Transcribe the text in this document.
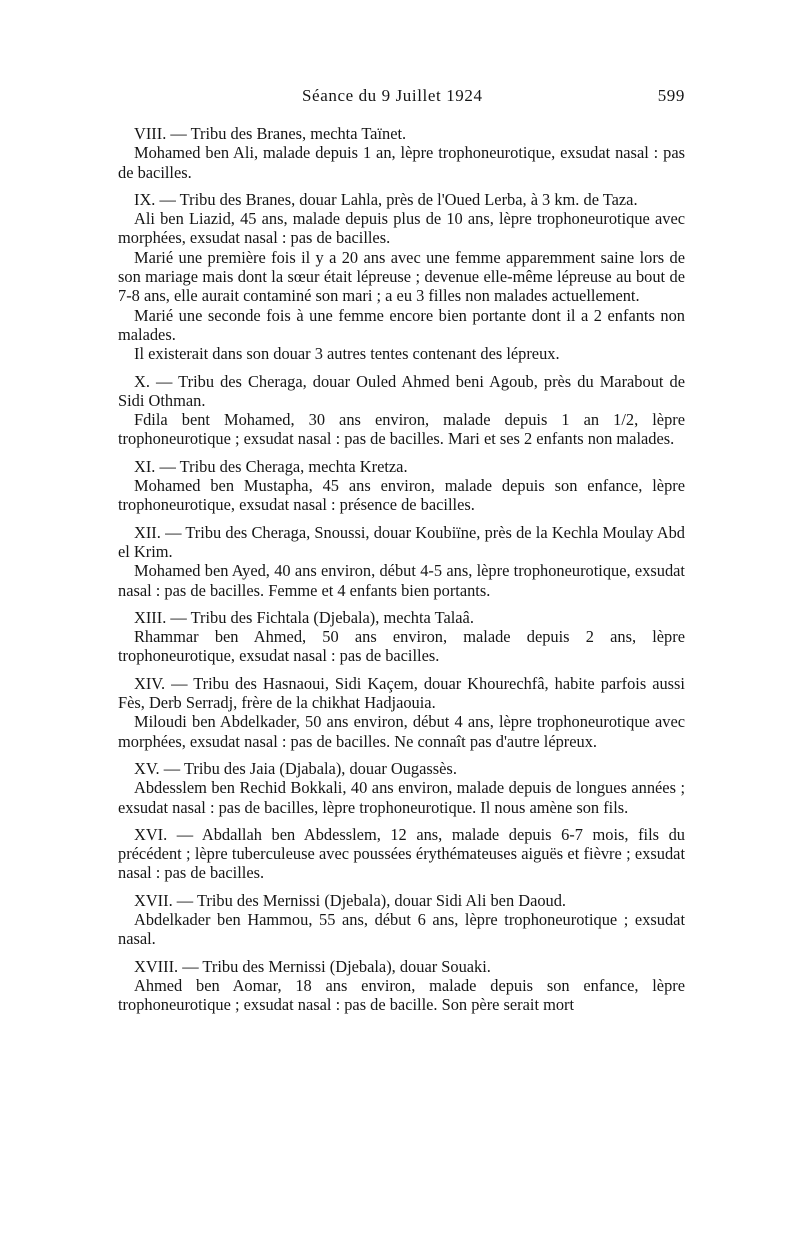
Séance du 9 Juillet 1924	599

VIII. — Tribu des Branes, mechta Taïnet.

Mohamed ben Ali, malade depuis 1 an, lèpre trophoneurotique, exsudat nasal : pas de bacilles.

IX. — Tribu des Branes, douar Lahla, près de l'Oued Lerba, à 3 km. de Taza.

Ali ben Liazid, 45 ans, malade depuis plus de 10 ans, lèpre trophoneurotique avec morphées, exsudat nasal : pas de bacilles.

Marié une première fois il y a 20 ans avec une femme apparemment saine lors de son mariage mais dont la sœur était lépreuse ; devenue elle-même lépreuse au bout de 7-8 ans, elle aurait contaminé son mari ; a eu 3 filles non malades actuellement.

Marié une seconde fois à une femme encore bien portante dont il a 2 enfants non malades.

Il existerait dans son douar 3 autres tentes contenant des lépreux.

X. — Tribu des Cheraga, douar Ouled Ahmed beni Agoub, près du Marabout de Sidi Othman.

Fdila bent Mohamed, 30 ans environ, malade depuis 1 an 1/2, lèpre trophoneurotique ; exsudat nasal : pas de bacilles. Mari et ses 2 enfants non malades.

XI. — Tribu des Cheraga, mechta Kretza.

Mohamed ben Mustapha, 45 ans environ, malade depuis son enfance, lèpre trophoneurotique, exsudat nasal : présence de bacilles.

XII. — Tribu des Cheraga, Snoussi, douar Koubiïne, près de la Kechla Moulay Abd el Krim.

Mohamed ben Ayed, 40 ans environ, début 4-5 ans, lèpre trophoneurotique, exsudat nasal : pas de bacilles. Femme et 4 enfants bien portants.

XIII. — Tribu des Fichtala (Djebala), mechta Talaâ.

Rhammar ben Ahmed, 50 ans environ, malade depuis 2 ans, lèpre trophoneurotique, exsudat nasal : pas de bacilles.

XIV. — Tribu des Hasnaoui, Sidi Kaçem, douar Khourechfâ, habite parfois aussi Fès, Derb Serradj, frère de la chikhat Hadjaouia.

Miloudi ben Abdelkader, 50 ans environ, début 4 ans, lèpre trophoneurotique avec morphées, exsudat nasal : pas de bacilles. Ne connaît pas d'autre lépreux.

XV. — Tribu des Jaia (Djabala), douar Ougassès.

Abdesslem ben Rechid Bokkali, 40 ans environ, malade depuis de longues années ; exsudat nasal : pas de bacilles, lèpre trophoneurotique. Il nous amène son fils.

XVI. — Abdallah ben Abdesslem, 12 ans, malade depuis 6-7 mois, fils du précédent ; lèpre tuberculeuse avec poussées érythémateuses aiguës et fièvre ; exsudat nasal : pas de bacilles.

XVII. — Tribu des Mernissi (Djebala), douar Sidi Ali ben Daoud.

Abdelkader ben Hammou, 55 ans, début 6 ans, lèpre trophoneurotique ; exsudat nasal.

XVIII. — Tribu des Mernissi (Djebala), douar Souaki.

Ahmed ben Aomar, 18 ans environ, malade depuis son enfance, lèpre trophoneurotique ; exsudat nasal : pas de bacille. Son père serait mort
